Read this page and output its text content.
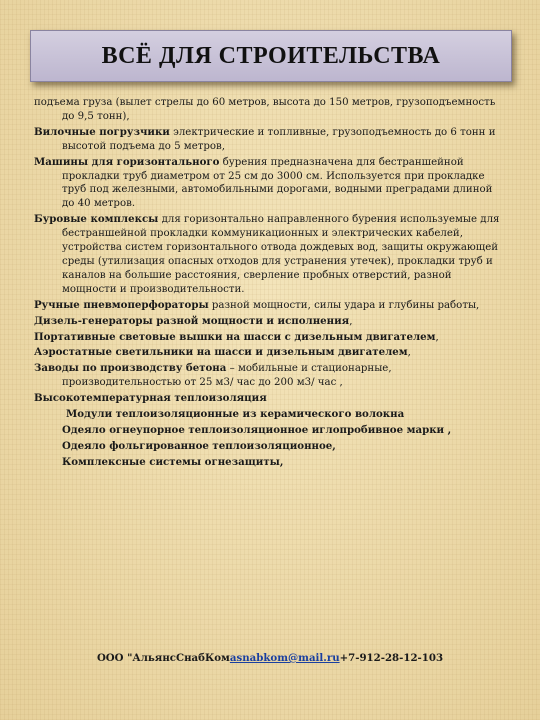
ВСЁ ДЛЯ СТРОИТЕЛЬСТВА

подъема груза (вылет стрелы до 60 метров, высота до 150 метров, грузоподъемность до 9,5 тонн),

Вилочные погрузчики электрические и топливные, грузоподъемность до 6 тонн и высотой подъема до 5 метров,

Машины для горизонтального бурения предназначена для бестраншейной прокладки труб диаметром от 25 см до 3000 см. Используется при прокладке труб под железными, автомобильными дорогами, водными преградами длиной до 40 метров.

Буровые комплексы для горизонтально направленного бурения используемые для бестраншейной прокладки коммуникационных и электрических кабелей, устройства систем горизонтального отвода дождевых вод, защиты окружающей среды (утилизация опасных отходов для устранения утечек), прокладки труб и каналов на большие расстояния, сверление пробных отверстий, разной мощности и производительности.

Ручные пневмоперфораторы разной мощности, силы удара и глубины работы,

Дизель-генераторы разной мощности и исполнения,

Портативные световые вышки на шасси с дизельным двигателем,

Аэростатные светильники на шасси и дизельным двигателем,

Заводы по производству бетона – мобильные и стационарные, производительностью от 25 м3/ час до 200 м3/ час ,

Высокотемпературная теплоизоляция

Модули теплоизоляционные из керамического волокна

Одеяло огнеупорное теплоизоляционное иглопробивное марки ,

Одеяло фольгированное теплоизоляционное,

Комплексные системы огнезащиты,

ООО "АльянсСнабКомasnabkom@mail.ru+7-912-28-12-103
